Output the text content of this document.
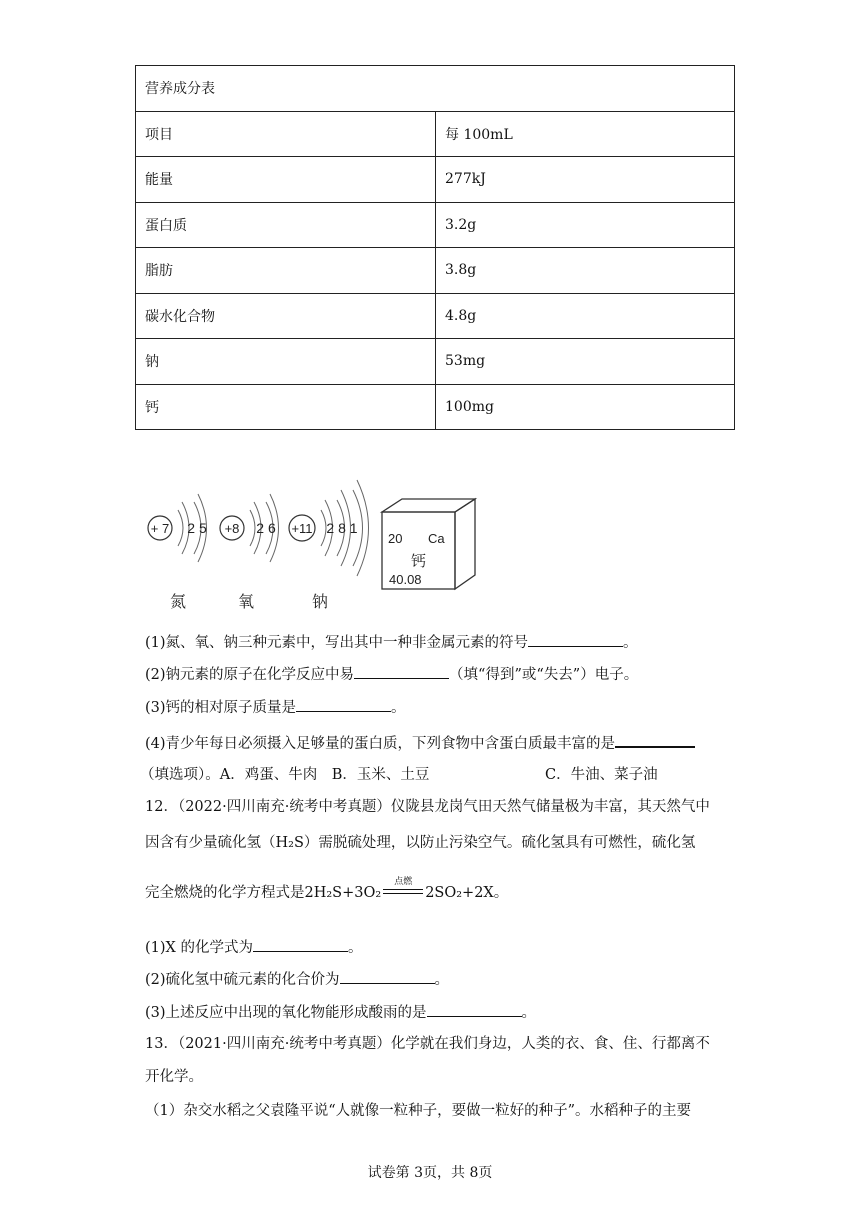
营养成分表	
项目	每 100mL
能量	277kJ
蛋白质	3.2g
脂肪	3.8g
碳水化合物	4.8g
钠	53mg
钙	100mg
+ 7 2 5
氮
+8 2 6
氧
+11 2 8 1
钠
20 Ca
钙
40.08
(1)氮、氧、钠三种元素中，写出其中一种非金属元素的符号	。
(2)钠元素的原子在化学反应中易	（填“得到”或“失去”）电子。
(3)钙的相对原子质量是	。
(4)青少年每日必须摄入足够量的蛋白质，下列食物中含蛋白质最丰富的是
（填选项）。A．鸡蛋、牛肉　B．玉米、土豆	C．牛油、菜子油
12．（2022·四川南充·统考中考真题）仪陇县龙岗气田天然气储量极为丰富，其天然气中
因含有少量硫化氢（H₂S）需脱硫处理，以防止污染空气。硫化氢具有可燃性，硫化氢
完全燃烧的化学方程式是2H₂S+3O₂
点燃
2SO₂+2X。
(1)X 的化学式为	。
(2)硫化氢中硫元素的化合价为	。
(3)上述反应中出现的氧化物能形成酸雨的是	。
13．（2021·四川南充·统考中考真题）化学就在我们身边，人类的衣、食、住、行都离不
开化学。
（1）杂交水稻之父袁隆平说“人就像一粒种子，要做一粒好的种子”。水稻种子的主要
试卷第 3页，共 8页
